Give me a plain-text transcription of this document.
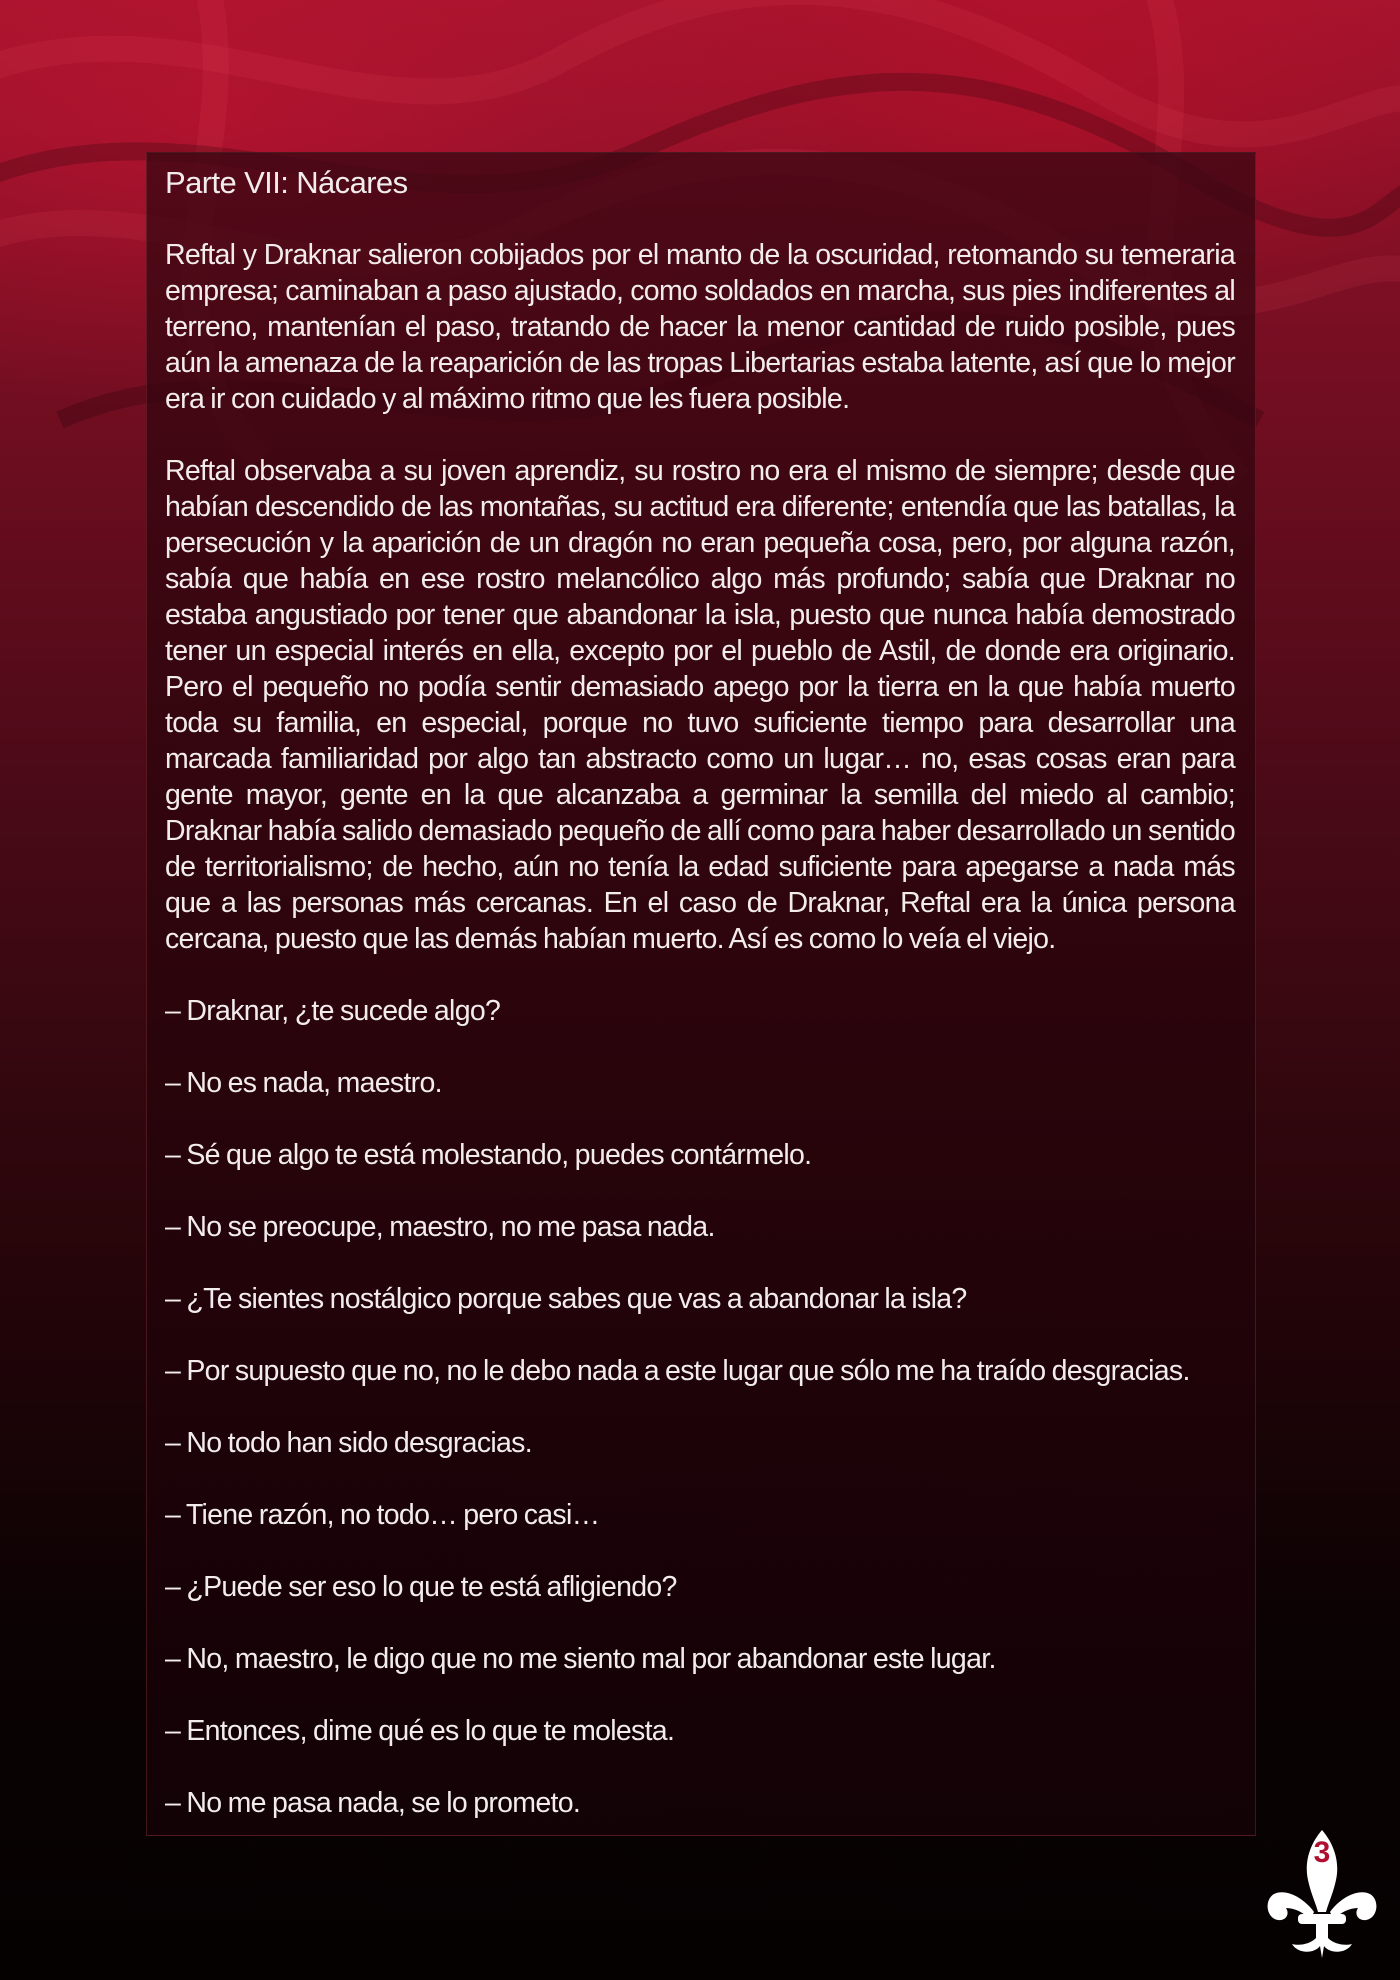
Parte VII: Nácares

Reftal y Draknar salieron cobijados por el manto de la oscuridad, retomando su temeraria empresa; caminaban a paso ajustado, como soldados en marcha, sus pies indiferentes al terreno, mantenían el paso, tratando de hacer la menor cantidad de ruido posible, pues aún la amenaza de la reaparición de las tropas Libertarias estaba latente, así que lo mejor era ir con cuidado y al máximo ritmo que les fuera posible.

Reftal observaba a su joven aprendiz, su rostro no era el mismo de siempre; desde que habían descendido de las montañas, su actitud era diferente; entendía que las batallas, la persecución y la aparición de un dragón no eran pequeña cosa, pero, por alguna razón, sabía que había en ese rostro melancólico algo más profundo; sabía que Draknar no estaba angustiado por tener que abandonar la isla, puesto que nunca había demostrado tener un especial interés en ella, excepto por el pueblo de Astil, de donde era originario. Pero el pequeño no podía sentir demasiado apego por la tierra en la que había muerto toda su familia, en especial, porque no tuvo suficiente tiempo para desarrollar una marcada familiaridad por algo tan abstracto como un lugar… no, esas cosas eran para gente mayor, gente en la que alcanzaba a germinar la semilla del miedo al cambio; Draknar había salido demasiado pequeño de allí como para haber desarrollado un sentido de territorialismo; de hecho, aún no tenía la edad suficiente para apegarse a nada más que a las personas más cercanas. En el caso de Draknar, Reftal era la única persona cercana, puesto que las demás habían muerto. Así es como lo veía el viejo.

– Draknar, ¿te sucede algo?

– No es nada, maestro.

– Sé que algo te está molestando, puedes contármelo.

– No se preocupe, maestro, no me pasa nada.

– ¿Te sientes nostálgico porque sabes que vas a abandonar la isla?

– Por supuesto que no, no le debo nada a este lugar que sólo me ha traído desgracias.

– No todo han sido desgracias.

– Tiene razón, no todo… pero casi…

– ¿Puede ser eso lo que te está afligiendo?

– No, maestro, le digo que no me siento mal por abandonar este lugar.

– Entonces, dime qué es lo que te molesta.

– No me pasa nada, se lo prometo.

3
